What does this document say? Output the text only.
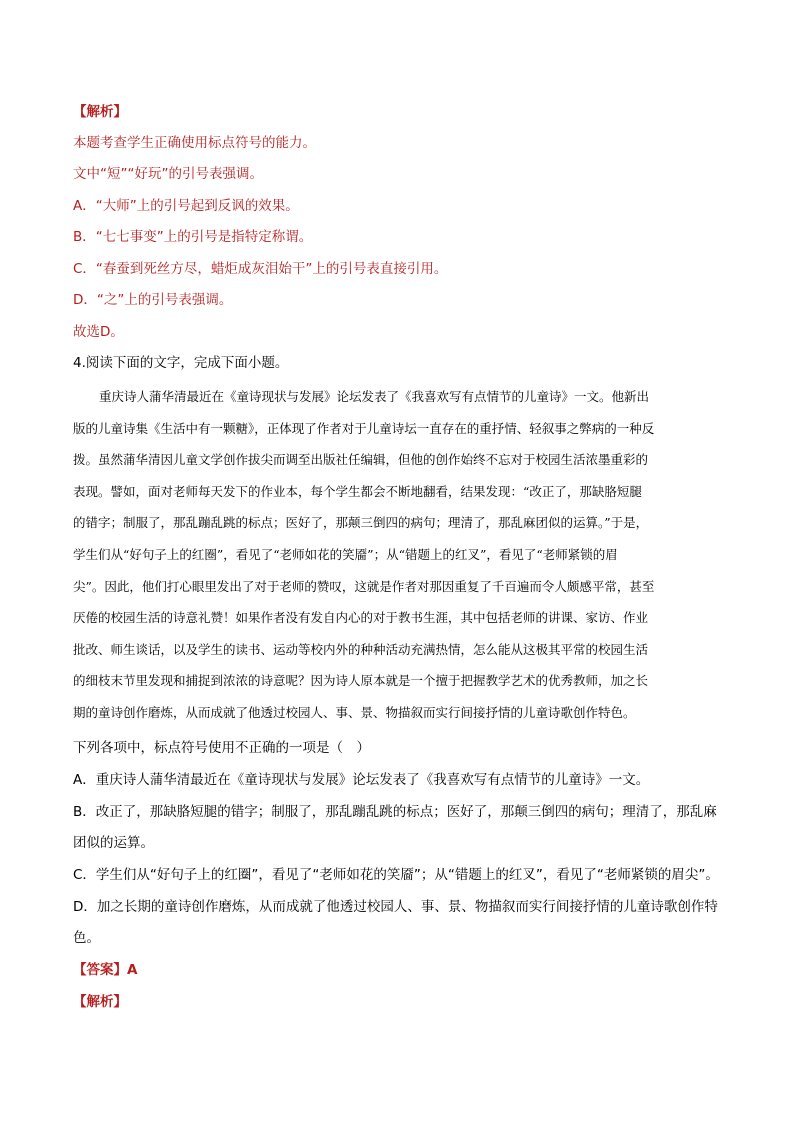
【解析】
本题考查学生正确使用标点符号的能力。
文中“短”“好玩”的引号表强调。
A．“大师”上的引号起到反讽的效果。
B．“七七事变”上的引号是指特定称谓。
C．“春蚕到死丝方尽，蜡炬成灰泪始干”上的引号表直接引用。
D．“之”上的引号表强调。
故选D。
4.阅读下面的文字，完成下面小题。
重庆诗人蒲华清最近在《童诗现状与发展》论坛发表了《我喜欢写有点情节的儿童诗》一文。他新出
版的儿童诗集《生活中有一颗糖》，正体现了作者对于儿童诗坛一直存在的重抒情、轻叙事之弊病的一种反
拨。虽然蒲华清因儿童文学创作拔尖而调至出版社任编辑，但他的创作始终不忘对于校园生活浓墨重彩的
表现。譬如，面对老师每天发下的作业本，每个学生都会不断地翻看，结果发现：“改正了，那缺胳短腿
的错字；制服了，那乱蹦乱跳的标点；医好了，那颠三倒四的病句；理清了，那乱麻团似的运算。”于是，
学生们从“好句子上的红圈”，看见了“老师如花的笑靥”；从“错题上的红叉”，看见了“老师紧锁的眉
尖”。因此，他们打心眼里发出了对于老师的赞叹，这就是作者对那因重复了千百遍而令人颇感平常，甚至
厌倦的校园生活的诗意礼赞！如果作者没有发自内心的对于教书生涯，其中包括老师的讲课、家访、作业
批改、师生谈话，以及学生的读书、运动等校内外的种种活动充满热情，怎么能从这极其平常的校园生活
的细枝末节里发现和捕捉到浓浓的诗意呢？因为诗人原本就是一个擅于把握教学艺术的优秀教师，加之长
期的童诗创作磨炼，从而成就了他透过校园人、事、景、物描叙而实行间接抒情的儿童诗歌创作特色。
下列各项中，标点符号使用不正确的一项是（　）
A．重庆诗人蒲华清最近在《童诗现状与发展》论坛发表了《我喜欢写有点情节的儿童诗》一文。
B．改正了，那缺胳短腿的错字；制服了，那乱蹦乱跳的标点；医好了，那颠三倒四的病句；理清了，那乱麻团似的运算。
C．学生们从“好句子上的红圈”，看见了“老师如花的笑靥”；从“错题上的红叉”，看见了“老师紧锁的眉尖”。
D．加之长期的童诗创作磨炼，从而成就了他透过校园人、事、景、物描叙而实行间接抒情的儿童诗歌创作特色。
【答案】A
【解析】
